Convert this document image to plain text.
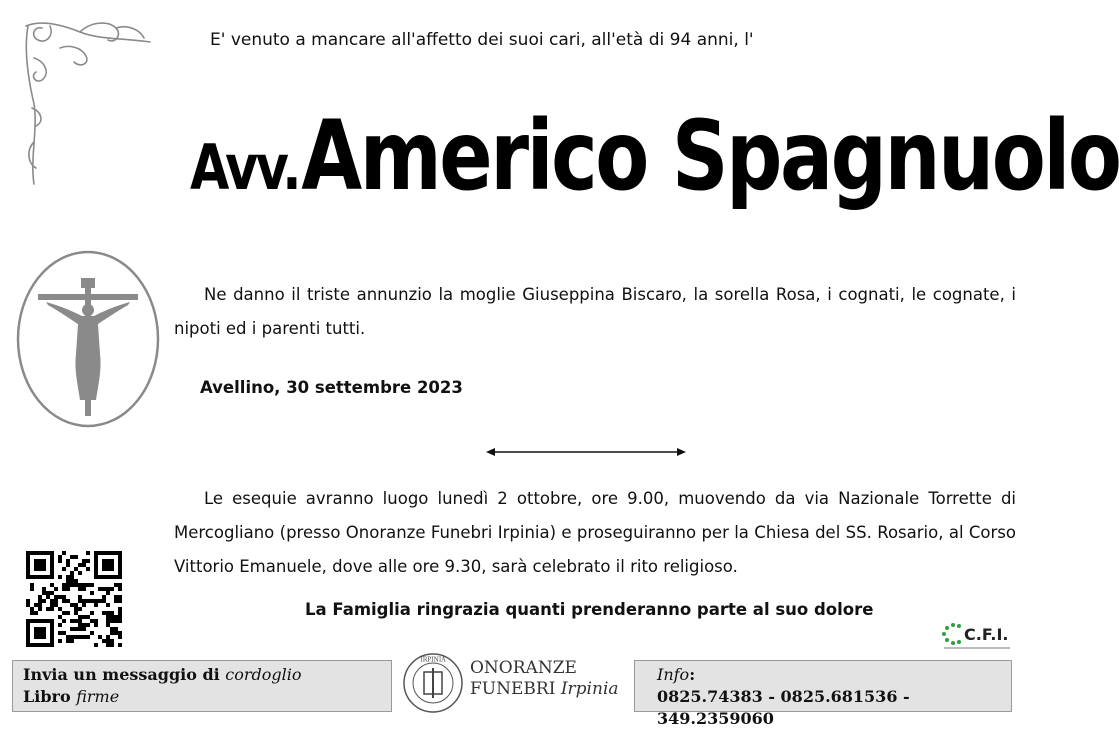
E' venuto a mancare all'affetto dei suoi cari, all'età di 94 anni, l'
Avv. Americo Spagnuolo
Ne danno il triste annunzio la moglie Giuseppina Biscaro, la sorella Rosa, i cognati, le cognate, i nipoti ed i parenti tutti.
Avellino, 30 settembre 2023
Le esequie avranno luogo lunedì 2 ottobre, ore 9.00, muovendo da via Nazionale Torrette di Mercogliano (presso Onoranze Funebri Irpinia) e proseguiranno per la Chiesa del SS. Rosario, al Corso Vittorio Emanuele, dove alle ore 9.30, sarà celebrato il rito religioso.
La Famiglia ringrazia quanti prenderanno parte al suo dolore
C.F.I.
Invia un messaggio di cordoglio
Libro firme
IRPINIA ONORANZE
FUNEBRI Irpinia
Info:
0825.74383 - 0825.681536 - 349.2359060
